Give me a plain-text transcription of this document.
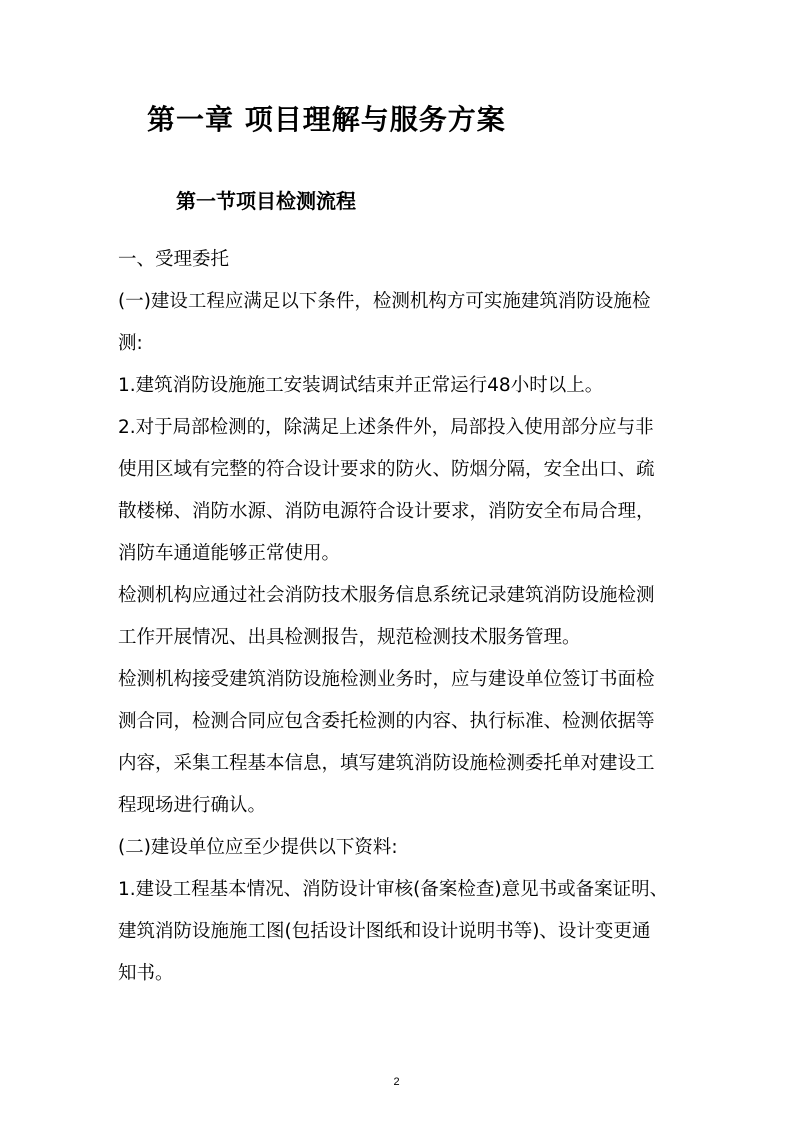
第一章 项目理解与服务方案
第一节项目检测流程
一、受理委托
(一)建设工程应满足以下条件，检测机构方可实施建筑消防设施检
测:
1.建筑消防设施施工安装调试结束并正常运行48小时以上。
2.对于局部检测的，除满足上述条件外，局部投入使用部分应与非
使用区域有完整的符合设计要求的防火、防烟分隔，安全出口、疏
散楼梯、消防水源、消防电源符合设计要求，消防安全布局合理，
消防车通道能够正常使用。
检测机构应通过社会消防技术服务信息系统记录建筑消防设施检测
工作开展情况、出具检测报告，规范检测技术服务管理。
检测机构接受建筑消防设施检测业务时，应与建设单位签订书面检
测合同，检测合同应包含委托检测的内容、执行标准、检测依据等
内容，采集工程基本信息，填写建筑消防设施检测委托单对建设工
程现场进行确认。
(二)建设单位应至少提供以下资料:
1.建设工程基本情况、消防设计审核(备案检查)意见书或备案证明、
建筑消防设施施工图(包括设计图纸和设计说明书等)、设计变更通
知书。
2
